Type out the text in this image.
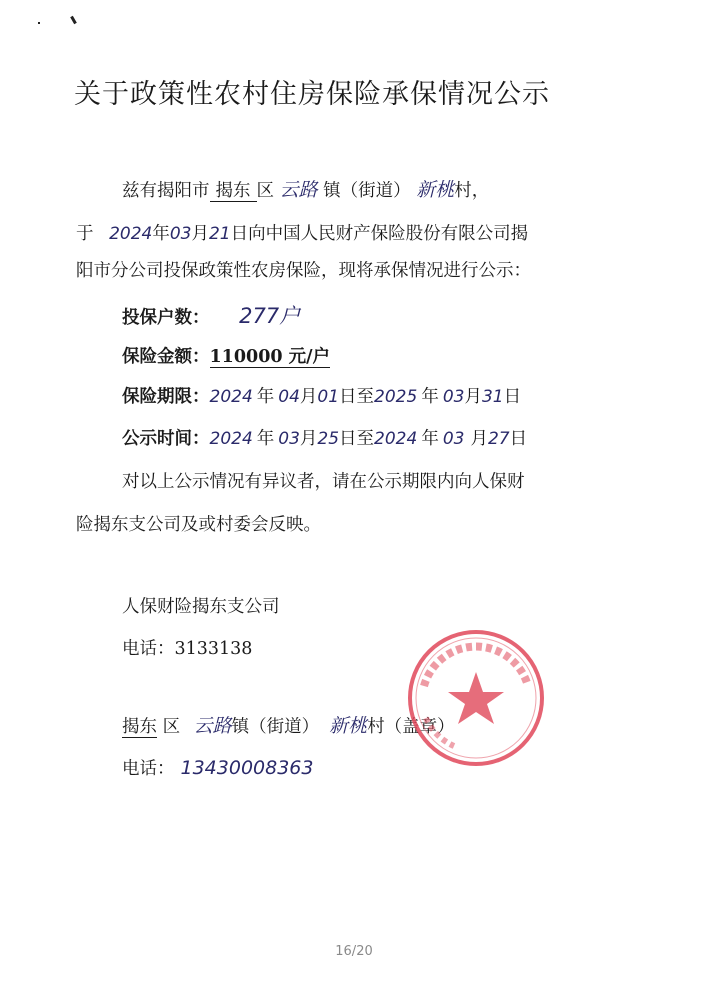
关于政策性农村住房保险承保情况公示
兹有揭阳市 揭东 区 云路 镇（街道） 新桃村，
于 2024年03月21日向中国人民财产保险股份有限公司揭
阳市分公司投保政策性农房保险，现将承保情况进行公示：
投保户数： 277户
保险金额：110000 元/户
保险期限：2024 年 04月01日至2025 年 03月31日
公示时间：2024 年 03月25日至2024 年 03 月27日
对以上公示情况有异议者，请在公示期限内向人保财
险揭东支公司及或村委会反映。
人保财险揭东支公司
电话：3133138
揭东 区 云路镇（街道） 新桃村（盖章）
电话： 13430008363
16/20
